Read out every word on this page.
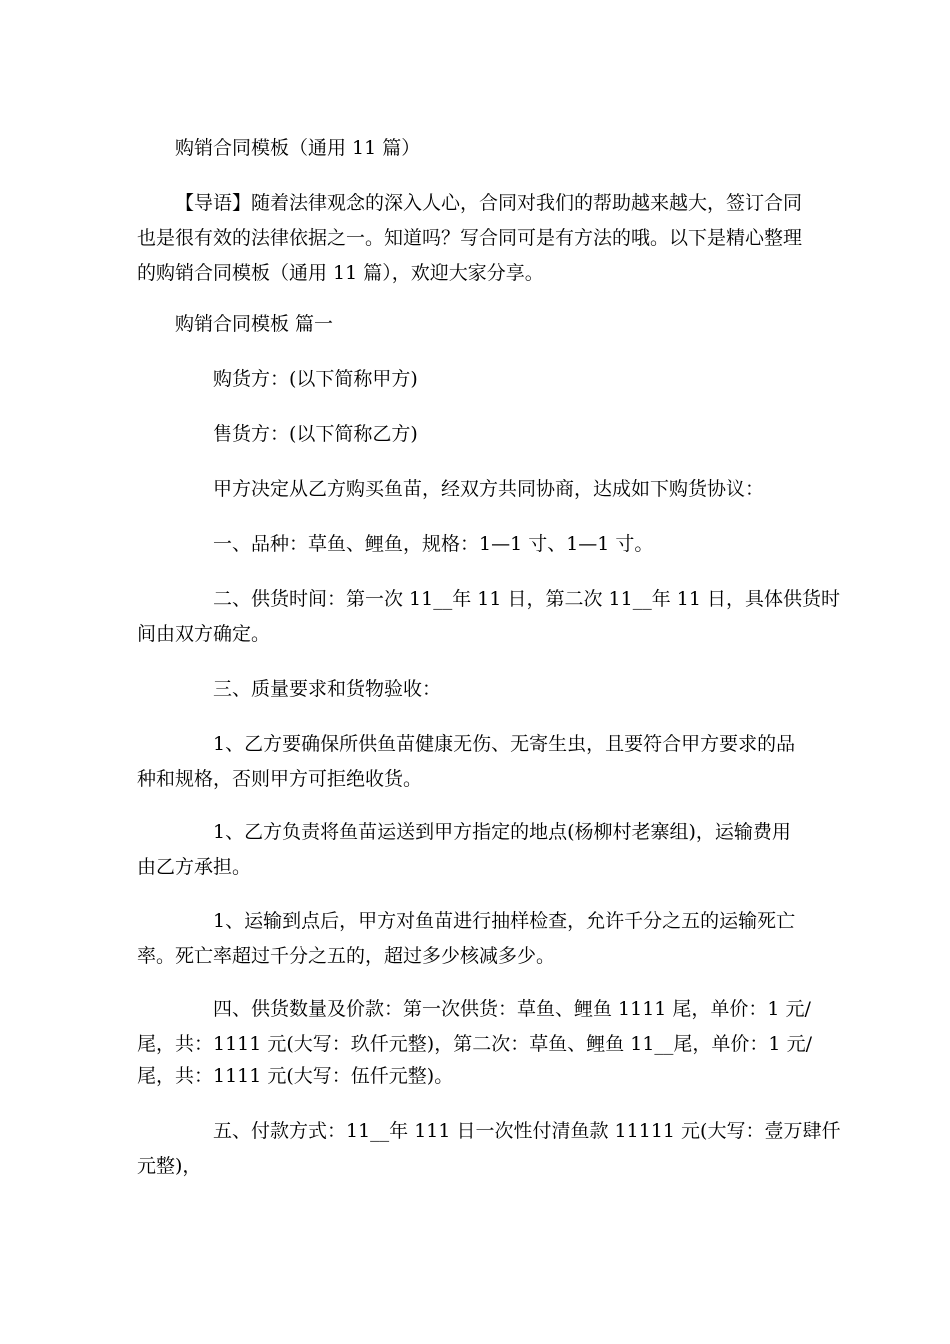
购销合同模板（通用 11 篇）

【导语】随着法律观念的深入人心，合同对我们的帮助越来越大，签订合同

也是很有效的法律依据之一。知道吗？写合同可是有方法的哦。以下是精心整理

的购销合同模板（通用 11 篇），欢迎大家分享。

购销合同模板 篇一

购货方：(以下简称甲方)

售货方：(以下简称乙方)

甲方决定从乙方购买鱼苗，经双方共同协商，达成如下购货协议：

一、品种：草鱼、鲤鱼，规格：1—1 寸、1—1 寸。

二、供货时间：第一次 11__年 11 日，第二次 11__年 11 日，具体供货时

间由双方确定。

三、质量要求和货物验收：

1、乙方要确保所供鱼苗健康无伤、无寄生虫，且要符合甲方要求的品

种和规格，否则甲方可拒绝收货。

1、乙方负责将鱼苗运送到甲方指定的地点(杨柳村老寨组)，运输费用

由乙方承担。

1、运输到点后，甲方对鱼苗进行抽样检查，允许千分之五的运输死亡

率。死亡率超过千分之五的，超过多少核减多少。

四、供货数量及价款：第一次供货：草鱼、鲤鱼 1111 尾，单价：1 元/

尾，共：1111 元(大写：玖仟元整)，第二次：草鱼、鲤鱼 11__尾，单价：1 元/

尾，共：1111 元(大写：伍仟元整)。

五、付款方式：11__年 111 日一次性付清鱼款 11111 元(大写：壹万肆仟

元整)，
